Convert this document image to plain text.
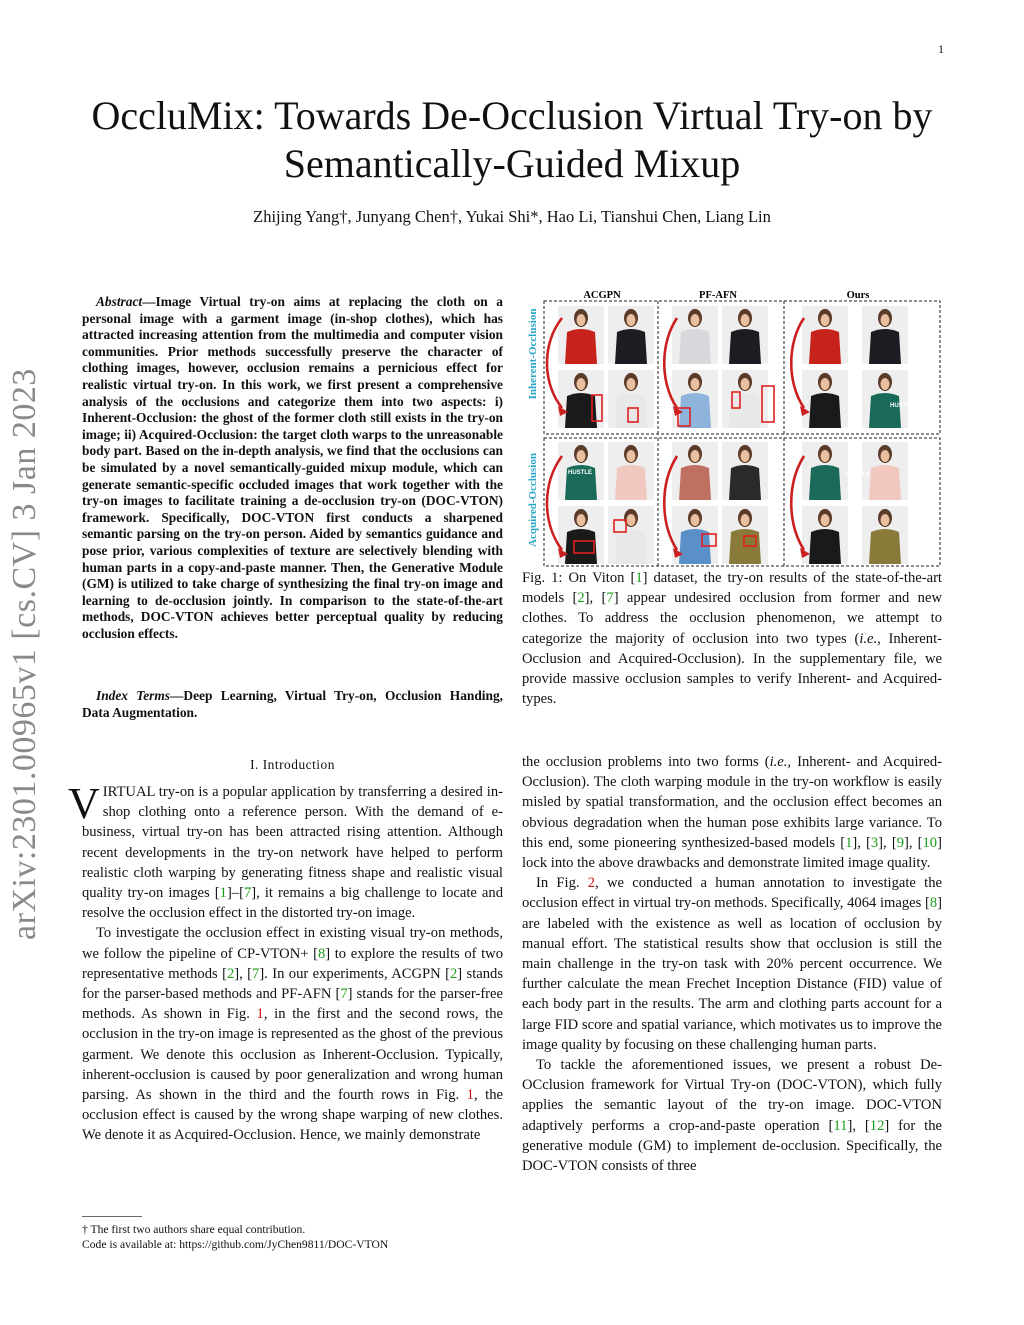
1
arXiv:2301.00965v1 [cs.CV] 3 Jan 2023
OccluMix: Towards De-Occlusion Virtual Try-on by Semantically-Guided Mixup
Zhijing Yang†, Junyang Chen†, Yukai Shi*, Hao Li, Tianshui Chen, Liang Lin
Abstract—Image Virtual try-on aims at replacing the cloth on a personal image with a garment image (in-shop clothes), which has attracted increasing attention from the multimedia and computer vision communities. Prior methods successfully preserve the character of clothing images, however, occlusion remains a pernicious effect for realistic virtual try-on. In this work, we first present a comprehensive analysis of the occlusions and categorize them into two aspects: i) Inherent-Occlusion: the ghost of the former cloth still exists in the try-on image; ii) Acquired-Occlusion: the target cloth warps to the unreasonable body part. Based on the in-depth analysis, we find that the occlusions can be simulated by a novel semantically-guided mixup module, which can generate semantic-specific occluded images that work together with the try-on images to facilitate training a de-occlusion try-on (DOC-VTON) framework. Specifically, DOC-VTON first conducts a sharpened semantic parsing on the try-on person. Aided by semantics guidance and pose prior, various complexities of texture are selectively blending with human parts in a copy-and-paste manner. Then, the Generative Module (GM) is utilized to take charge of synthesizing the final try-on image and learning to de-occlusion jointly. In comparison to the state-of-the-art methods, DOC-VTON achieves better perceptual quality by reducing occlusion effects.
Index Terms—Deep Learning, Virtual Try-on, Occlusion Handing, Data Augmentation.
I. Introduction

VIRTUAL try-on is a popular application by transferring a desired in-shop clothing onto a reference person. With the demand of e-business, virtual try-on has been attracted rising attention. Although recent developments in the try-on network have helped to perform realistic cloth warping by generating fitness shape and realistic visual quality try-on images [1]–[7], it remains a big challenge to locate and resolve the occlusion effect in the distorted try-on image.

To investigate the occlusion effect in existing visual try-on methods, we follow the pipeline of CP-VTON+ [8] to explore the results of two representative methods [2], [7]. In our experiments, ACGPN [2] stands for the parser-based methods and PF-AFN [7] stands for the parser-free methods. As shown in Fig. 1, in the first and the second rows, the occlusion in the try-on image is represented as the ghost of the previous garment. We denote this occlusion as Inherent-Occlusion. Typically, inherent-occlusion is caused by poor generalization and wrong human parsing. As shown in the third and the fourth rows in Fig. 1, the occlusion effect is caused by the wrong shape warping of new clothes. We denote it as Acquired-Occlusion. Hence, we mainly demonstrate

† The first two authors share equal contribution.
Code is available at: https://github.com/JyChen9811/DOC-VTON
ACGPN	PF-AFN	Ours
Inherent-Occlusion
Acquired-Occlusion	HUSTLE	HUSTLE
HUSTLE
Fig. 1: On Viton [1] dataset, the try-on results of the state-of-the-art models [2], [7] appear undesired occlusion from former and new clothes. To address the occlusion phenomenon, we attempt to categorize the majority of occlusion into two types (i.e., Inherent-Occlusion and Acquired-Occlusion). In the supplementary file, we provide massive occlusion samples to verify Inherent- and Acquired- types.

the occlusion problems into two forms (i.e., Inherent- and Acquired- Occlusion). The cloth warping module in the try-on workflow is easily misled by spatial transformation, and the occlusion effect becomes an obvious degradation when the human pose exhibits large variance. To this end, some pioneering synthesized-based models [1], [3], [9], [10] lock into the above drawbacks and demonstrate limited image quality.

In Fig. 2, we conducted a human annotation to investigate the occlusion effect in virtual try-on methods. Specifically, 4064 images [8] are labeled with the existence as well as location of occlusion by manual effort. The statistical results show that occlusion is still the main challenge in the try-on task with 20% percent occurrence. We further calculate the mean Frechet Inception Distance (FID) value of each body part in the results. The arm and clothing parts account for a large FID score and spatial variance, which motivates us to improve the image quality by focusing on these challenging human parts.

To tackle the aforementioned issues, we present a robust De-OCclusion framework for Virtual Try-on (DOC-VTON), which fully applies the semantic layout of the try-on image. DOC-VTON adaptively performs a crop-and-paste operation [11], [12] for the generative module (GM) to implement de-occlusion. Specifically, the DOC-VTON consists of three
